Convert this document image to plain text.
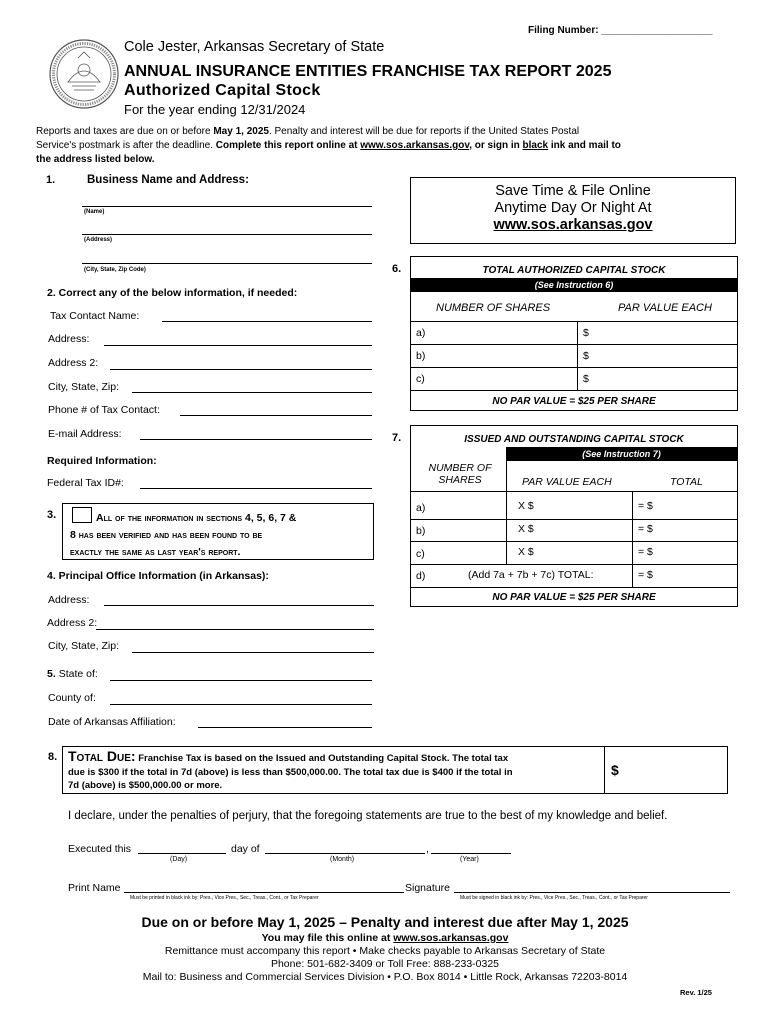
Filing Number: ____________________
Cole Jester, Arkansas Secretary of State
ANNUAL INSURANCE ENTITIES FRANCHISE TAX REPORT 2025
Authorized Capital Stock
For the year ending 12/31/2024
Reports and taxes are due on or before May 1, 2025. Penalty and interest will be due for reports if the United States Postal
Service's postmark is after the deadline. Complete this report online at www.sos.arkansas.gov, or sign in black ink and mail to
the address listed below.
1.	Business Name and Address:
(Name)
(Address)
(City, State, Zip Code)
Save Time & File Online
Anytime Day Or Night At
www.sos.arkansas.gov
2. Correct any of the below information, if needed:
Tax Contact Name:
Address:
Address 2:
City, State, Zip:
Phone # of Tax Contact:
E-mail Address:
Required Information:
Federal Tax ID#:
3.	All of the information in sections 4, 5, 6, 7 &
8 has been verified and has been found to be
exactly the same as last year's report.
4. Principal Office Information (in Arkansas):
Address:
Address 2:
City, State, Zip:
5. State of:
County of:
Date of Arkansas Affiliation:
6.	TOTAL AUTHORIZED CAPITAL STOCK
(See Instruction 6)
NUMBER OF SHARES	PAR VALUE EACH
a)	$
b)	$
c)	$
NO PAR VALUE = $25 PER SHARE
7.	ISSUED AND OUTSTANDING CAPITAL STOCK
(See Instruction 7)
NUMBER OF
SHARES	PAR VALUE EACH	TOTAL
a)	X $	= $
b)	X $	= $
c)	X $	= $
d)	(Add 7a + 7b + 7c) TOTAL:	= $
NO PAR VALUE = $25 PER SHARE
8. Total Due: Franchise Tax is based on the Issued and Outstanding Capital Stock. The total tax
due is $300 if the total in 7d (above) is less than $500,000.00. The total tax due is $400 if the total in
7d (above) is $500,000.00 or more.
$
I declare, under the penalties of perjury, that the foregoing statements are true to the best of my knowledge and belief.
Executed this	day of	,
(Day)	(Month)	(Year)
Print Name
Must be printed in black ink by: Pres., Vice Pres., Sec., Treas., Cont., or Tax Preparer
Signature
Must be signed in black ink by: Pres., Vice Pres., Sec., Treas., Cont., or Tax Preparer
Due on or before May 1, 2025 – Penalty and interest due after May 1, 2025
You may file this online at www.sos.arkansas.gov
Remittance must accompany this report • Make checks payable to Arkansas Secretary of State
Phone: 501-682-3409 or Toll Free: 888-233-0325
Mail to: Business and Commercial Services Division • P.O. Box 8014 • Little Rock, Arkansas 72203-8014
Rev. 1/25
